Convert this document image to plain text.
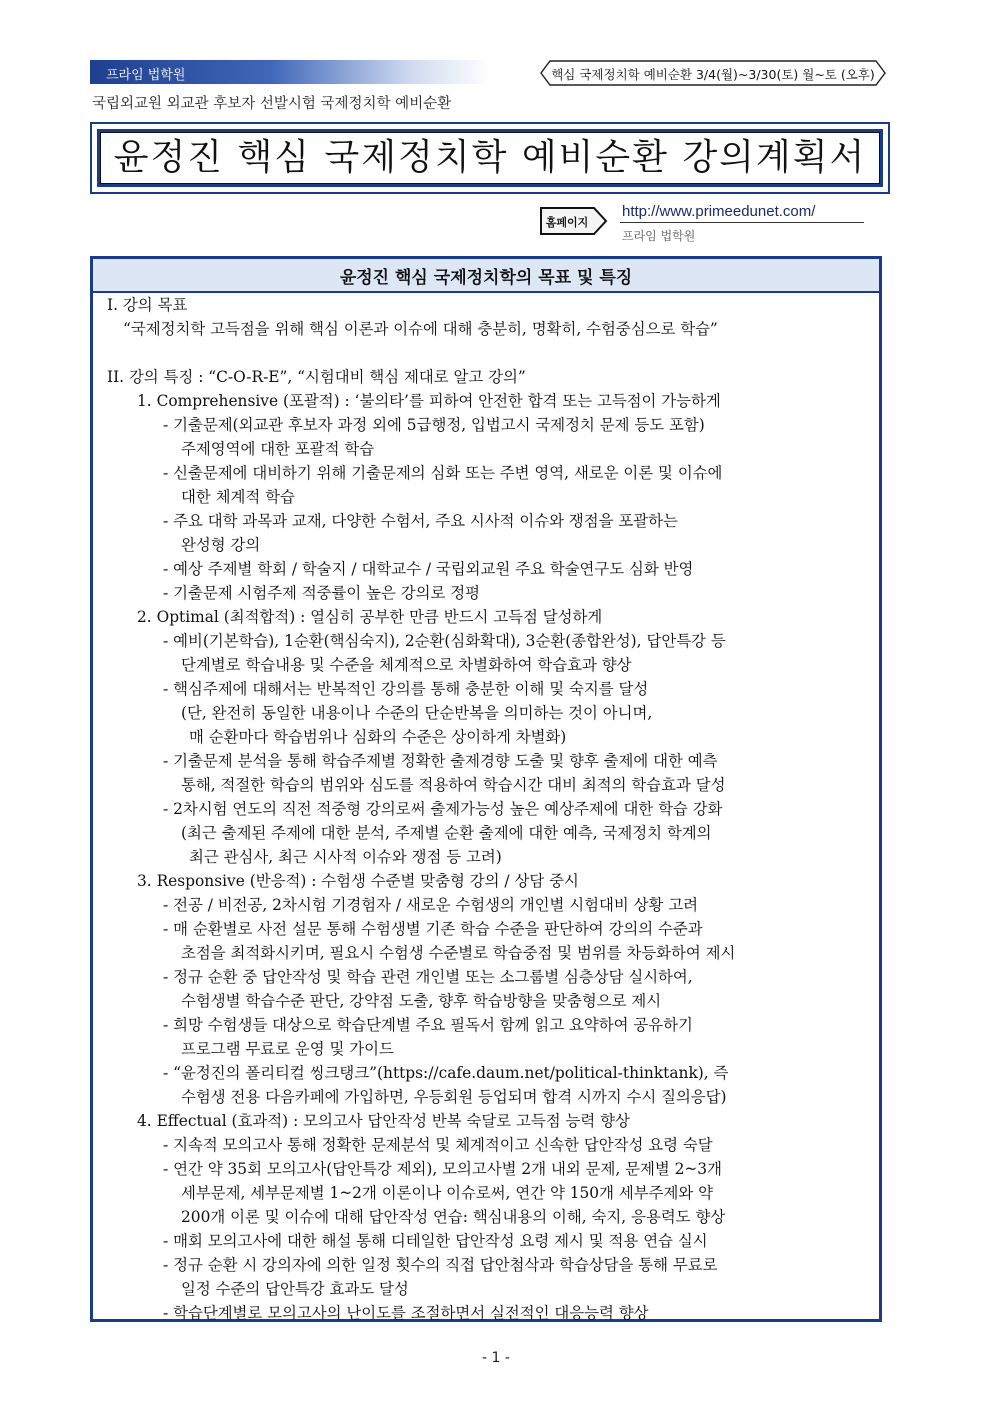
프라임 법학원	핵심 국제정치학 예비순환 3/4(월)~3/30(토) 월~토 (오후)
국립외교원 외교관 후보자 선발시험 국제정치학 예비순환
윤정진 핵심 국제정치학 예비순환 강의계획서
홈페이지
http://www.primeedunet.com/
프라임 법학원
윤정진 핵심 국제정치학의 목표 및 특징
I. 강의 목표
“국제정치학 고득점을 위해 핵심 이론과 이슈에 대해 충분히, 명확히, 수험중심으로 학습”
II. 강의 특징 : “C-O-R-E”, “시험대비 핵심 제대로 알고 강의”
1. Comprehensive (포괄적) : ‘불의타’를 피하여 안전한 합격 또는 고득점이 가능하게
- 기출문제(외교관 후보자 과정 외에 5급행정, 입법고시 국제정치 문제 등도 포함)
주제영역에 대한 포괄적 학습
- 신출문제에 대비하기 위해 기출문제의 심화 또는 주변 영역, 새로운 이론 및 이슈에
대한 체계적 학습
- 주요 대학 과목과 교재, 다양한 수험서, 주요 시사적 이슈와 쟁점을 포괄하는
완성형 강의
- 예상 주제별 학회 / 학술지 / 대학교수 / 국립외교원 주요 학술연구도 심화 반영
- 기출문제 시험주제 적중률이 높은 강의로 정평
2. Optimal (최적합적) : 열심히 공부한 만큼 반드시 고득점 달성하게
- 예비(기본학습), 1순환(핵심숙지), 2순환(심화확대), 3순환(종합완성), 답안특강 등
단계별로 학습내용 및 수준을 체계적으로 차별화하여 학습효과 향상
- 핵심주제에 대해서는 반복적인 강의를 통해 충분한 이해 및 숙지를 달성
(단, 완전히 동일한 내용이나 수준의 단순반복을 의미하는 것이 아니며,
매 순환마다 학습범위나 심화의 수준은 상이하게 차별화)
- 기출문제 분석을 통해 학습주제별 정확한 출제경향 도출 및 향후 출제에 대한 예측
통해, 적절한 학습의 범위와 심도를 적용하여 학습시간 대비 최적의 학습효과 달성
- 2차시험 연도의 직전 적중형 강의로써 출제가능성 높은 예상주제에 대한 학습 강화
(최근 출제된 주제에 대한 분석, 주제별 순환 출제에 대한 예측, 국제정치 학계의
최근 관심사, 최근 시사적 이슈와 쟁점 등 고려)
3. Responsive (반응적) : 수험생 수준별 맞춤형 강의 / 상담 중시
- 전공 / 비전공, 2차시험 기경험자 / 새로운 수험생의 개인별 시험대비 상황 고려
- 매 순환별로 사전 설문 통해 수험생별 기존 학습 수준을 판단하여 강의의 수준과
초점을 최적화시키며, 필요시 수험생 수준별로 학습중점 및 범위를 차등화하여 제시
- 정규 순환 중 답안작성 및 학습 관련 개인별 또는 소그룹별 심층상담 실시하여,
수험생별 학습수준 판단, 강약점 도출, 향후 학습방향을 맞춤형으로 제시
- 희망 수험생들 대상으로 학습단계별 주요 필독서 함께 읽고 요약하여 공유하기
프로그램 무료로 운영 및 가이드
- “윤정진의 폴리티컬 씽크탱크”(https://cafe.daum.net/political-thinktank), 즉
수험생 전용 다음카페에 가입하면, 우등회원 등업되며 합격 시까지 수시 질의응답)
4. Effectual (효과적) : 모의고사 답안작성 반복 숙달로 고득점 능력 향상
- 지속적 모의고사 통해 정확한 문제분석 및 체계적이고 신속한 답안작성 요령 숙달
- 연간 약 35회 모의고사(답안특강 제외), 모의고사별 2개 내외 문제, 문제별 2~3개
세부문제, 세부문제별 1~2개 이론이나 이슈로써, 연간 약 150개 세부주제와 약
200개 이론 및 이슈에 대해 답안작성 연습: 핵심내용의 이해, 숙지, 응용력도 향상
- 매회 모의고사에 대한 해설 통해 디테일한 답안작성 요령 제시 및 적용 연습 실시
- 정규 순환 시 강의자에 의한 일정 횟수의 직접 답안첨삭과 학습상담을 통해 무료로
일정 수준의 답안특강 효과도 달성
- 학습단계별로 모의고사의 난이도를 조절하면서 실전적인 대응능력 향상
- 1 -
